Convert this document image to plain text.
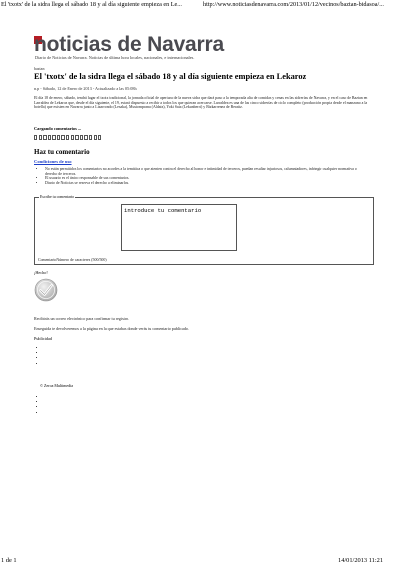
El 'txotx' de la sidra llega el sábado 18 y al día siguiente empieza en Le...	http://www.noticiasdenavarra.com/2013/01/12/vecinos/baztan-bidasoa/...
noticias de Navarra
Diario de Noticias de Navarra. Noticias de última hora locales, nacionales, e internacionales.
baztan
El 'txotx' de la sidra llega el sábado 18 y al día siguiente empieza en Lekaroz
n.p - Sábado, 12 de Enero de 2013 - Actualizado a las 05:08h

El día 18 de enero, sábado, tendrá lugar el txotx tradicional, la jornada oficial de apertura de la nueva sidra que dará paso a la temporada alta de comidas y cenas en las sidrerías de Navarra, y en el caso de Baztan en Larraldea de Lekaroz que, desde el día siguiente, el 19, estará dispuesto a recibir a todos los que quieran acercarse. Larraldea es una de las cinco sidrerías de ciclo completo (producción propia desde el manzano a la botella) que existen en Navarra junto a Lizarrondo (Lesaka), Mustomprana (Aldatz), Yoki Saia (Lekunberri) y Bizkarrenea de Beraitz.

Cargando comentarios ...
Haz tu comentario
Condiciones de uso
• No están permitidos los comentarios no acordes a la temática o que atenten contra el derecho al honor e intimidad de terceros, puedan resultar injuriosos, calumniadores, infringir cualquier normativa o derecho de terceros.
• El usuario es el único responsable de sus comentarios.
• Diario de Noticias se reserva el derecho a eliminarlos.
Escribe tu comentario
introduce tu comentario
ComentarioNúmero de caracteres (500/500)
¡Hecho!
Recibirás un correo electrónico para confirmar tu registro.
Enseguida te devolveremos a la página en la que estabas donde verás tu comentario publicado.
Publicidad
© Zeroa Multimedia
1 de 1	14/01/2013 11:21
